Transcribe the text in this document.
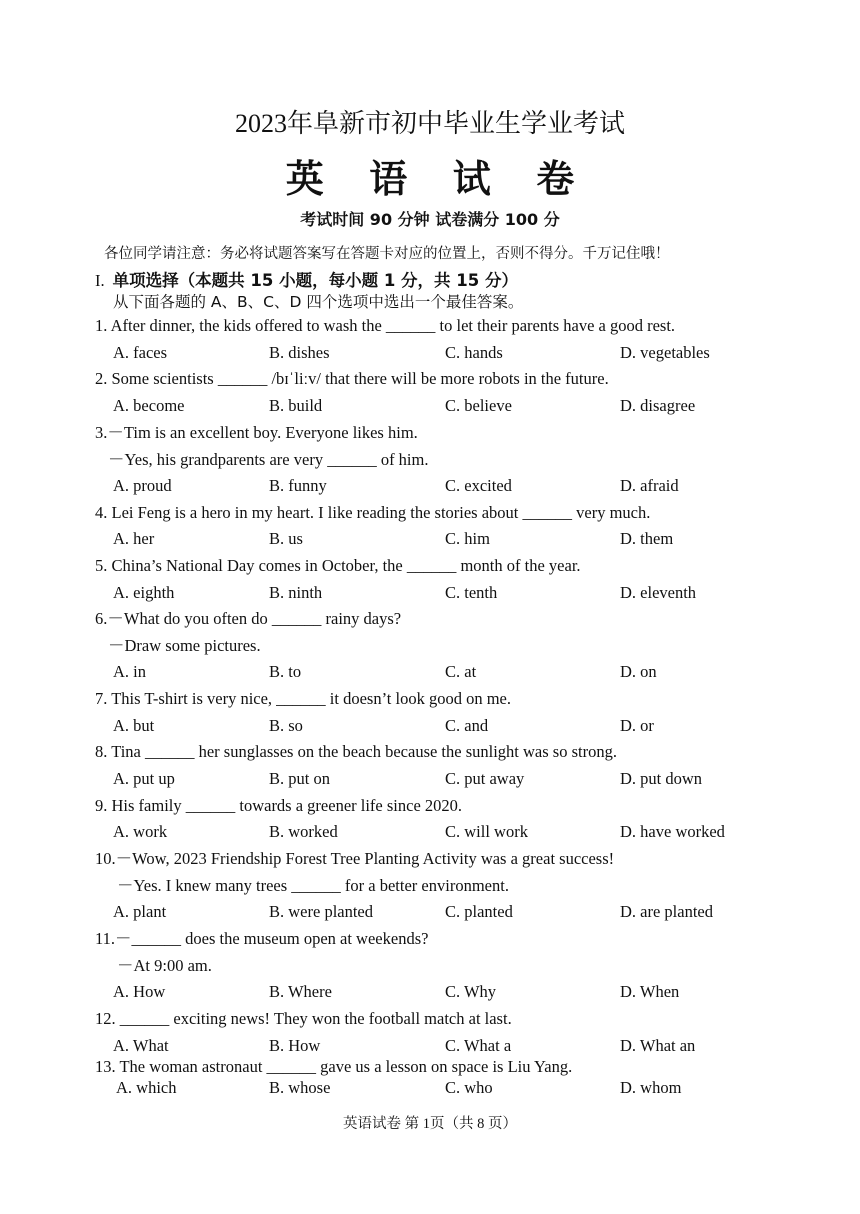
2023年阜新市初中毕业生学业考试
英 语 试 卷
考试时间 90 分钟 试卷满分 100 分
各位同学请注意：务必将试题答案写在答题卡对应的位置上，否则不得分。千万记住哦！
I. 单项选择（本题共 15 小题，每小题 1 分，共 15 分）
从下面各题的 A、B、C、D 四个选项中选出一个最佳答案。
1. After dinner, the kids offered to wash the ______ to let their parents have a good rest.
A. faces	B. dishes	C. hands	D. vegetables
2. Some scientists ______ /bɪˈliːv/ that there will be more robots in the future.
A. become	B. build	C. believe	D. disagree
3.－Tim is an excellent boy. Everyone likes him.
－Yes, his grandparents are very ______ of him.
A. proud	B. funny	C. excited	D. afraid
4. Lei Feng is a hero in my heart. I like reading the stories about ______ very much.
A. her	B. us	C. him	D. them
5. China’s National Day comes in October, the ______ month of the year.
A. eighth	B. ninth	C. tenth	D. eleventh
6.－What do you often do ______ rainy days?
－Draw some pictures.
A. in	B. to	C. at	D. on
7. This T-shirt is very nice, ______ it doesn’t look good on me.
A. but	B. so	C. and	D. or
8. Tina ______ her sunglasses on the beach because the sunlight was so strong.
A. put up	B. put on	C. put away	D. put down
9. His family ______ towards a greener life since 2020.
A. work	B. worked	C. will work	D. have worked
10.－Wow, 2023 Friendship Forest Tree Planting Activity was a great success!
－Yes. I knew many trees ______ for a better environment.
A. plant	B. were planted	C. planted	D. are planted
11.－______ does the museum open at weekends?
－At 9:00 am.
A. How	B. Where	C. Why	D. When
12. ______ exciting news! They won the football match at last.
A. What	B. How	C. What a	D. What an
13. The woman astronaut ______ gave us a lesson on space is Liu Yang.
A. which	B. whose	C. who	D. whom
英语试卷 第 1页（共 8 页）
